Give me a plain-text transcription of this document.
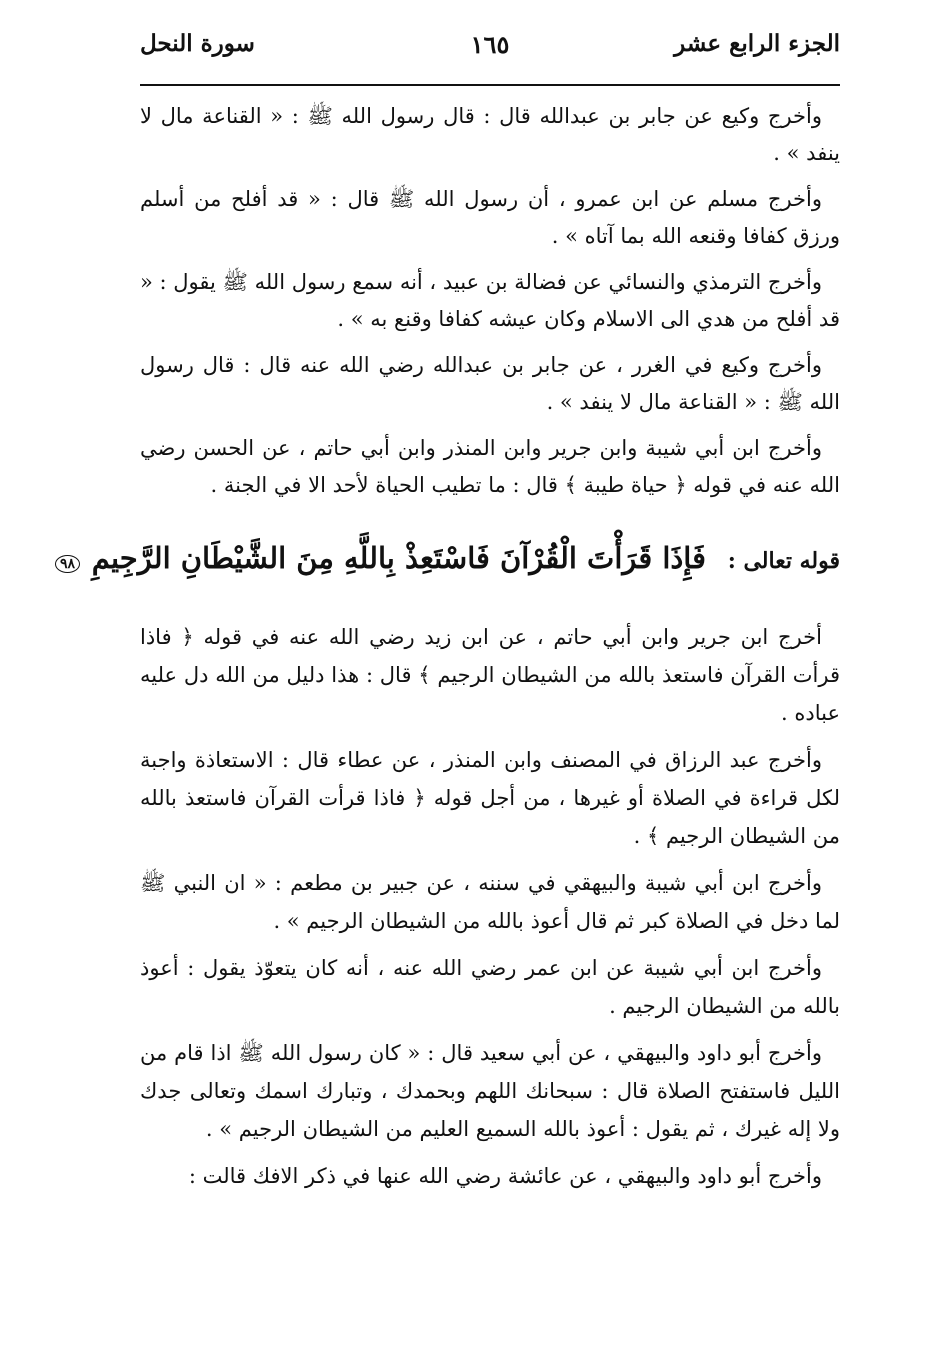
الجزء الرابع عشر
١٦٥
سورة النحل

وأخرج وكيع عن جابر بن عبدالله قال : قال رسول الله ﷺ : « القناعة مال لا ينفد » .

وأخرج مسلم عن ابن عمرو ، أن رسول الله ﷺ قال : « قد أفلح من أسلم ورزق كفافا وقنعه الله بما آتاه » .

وأخرج الترمذي والنسائي عن فضالة بن عبيد ، أنه سمع رسول الله ﷺ يقول : « قد أفلح من هدي الى الاسلام وكان عيشه كفافا وقنع به » .

وأخرج وكيع في الغرر ، عن جابر بن عبدالله رضي الله عنه قال : قال رسول الله ﷺ : « القناعة مال لا ينفد » .

وأخرج ابن أبي شيبة وابن جرير وابن المنذر وابن أبي حاتم ، عن الحسن رضي الله عنه في قوله ﴿ حياة طيبة ﴾ قال : ما تطيب الحياة لأحد الا في الجنة .

قوله تعالى : فَإِذَا قَرَأْتَ الْقُرْآنَ فَاسْتَعِذْ بِاللَّهِ مِنَ الشَّيْطَانِ الرَّجِيمِ ٩٨

أخرج ابن جرير وابن أبي حاتم ، عن ابن زيد رضي الله عنه في قوله ﴿ فاذا قرأت القرآن فاستعذ بالله من الشيطان الرجيم ﴾ قال : هذا دليل من الله دل عليه عباده .

وأخرج عبد الرزاق في المصنف وابن المنذر ، عن عطاء قال : الاستعاذة واجبة لكل قراءة في الصلاة أو غيرها ، من أجل قوله ﴿ فاذا قرأت القرآن فاستعذ بالله من الشيطان الرجيم ﴾ .

وأخرج ابن أبي شيبة والبيهقي في سننه ، عن جبير بن مطعم : « ان النبي ﷺ لما دخل في الصلاة كبر ثم قال أعوذ بالله من الشيطان الرجيم » .

وأخرج ابن أبي شيبة عن ابن عمر رضي الله عنه ، أنه كان يتعوّذ يقول : أعوذ بالله من الشيطان الرجيم .

وأخرج أبو داود والبيهقي ، عن أبي سعيد قال : « كان رسول الله ﷺ اذا قام من الليل فاستفتح الصلاة قال : سبحانك اللهم وبحمدك ، وتبارك اسمك وتعالى جدك ولا إله غيرك ، ثم يقول : أعوذ بالله السميع العليم من الشيطان الرجيم » .

وأخرج أبو داود والبيهقي ، عن عائشة رضي الله عنها في ذكر الافك قالت :
